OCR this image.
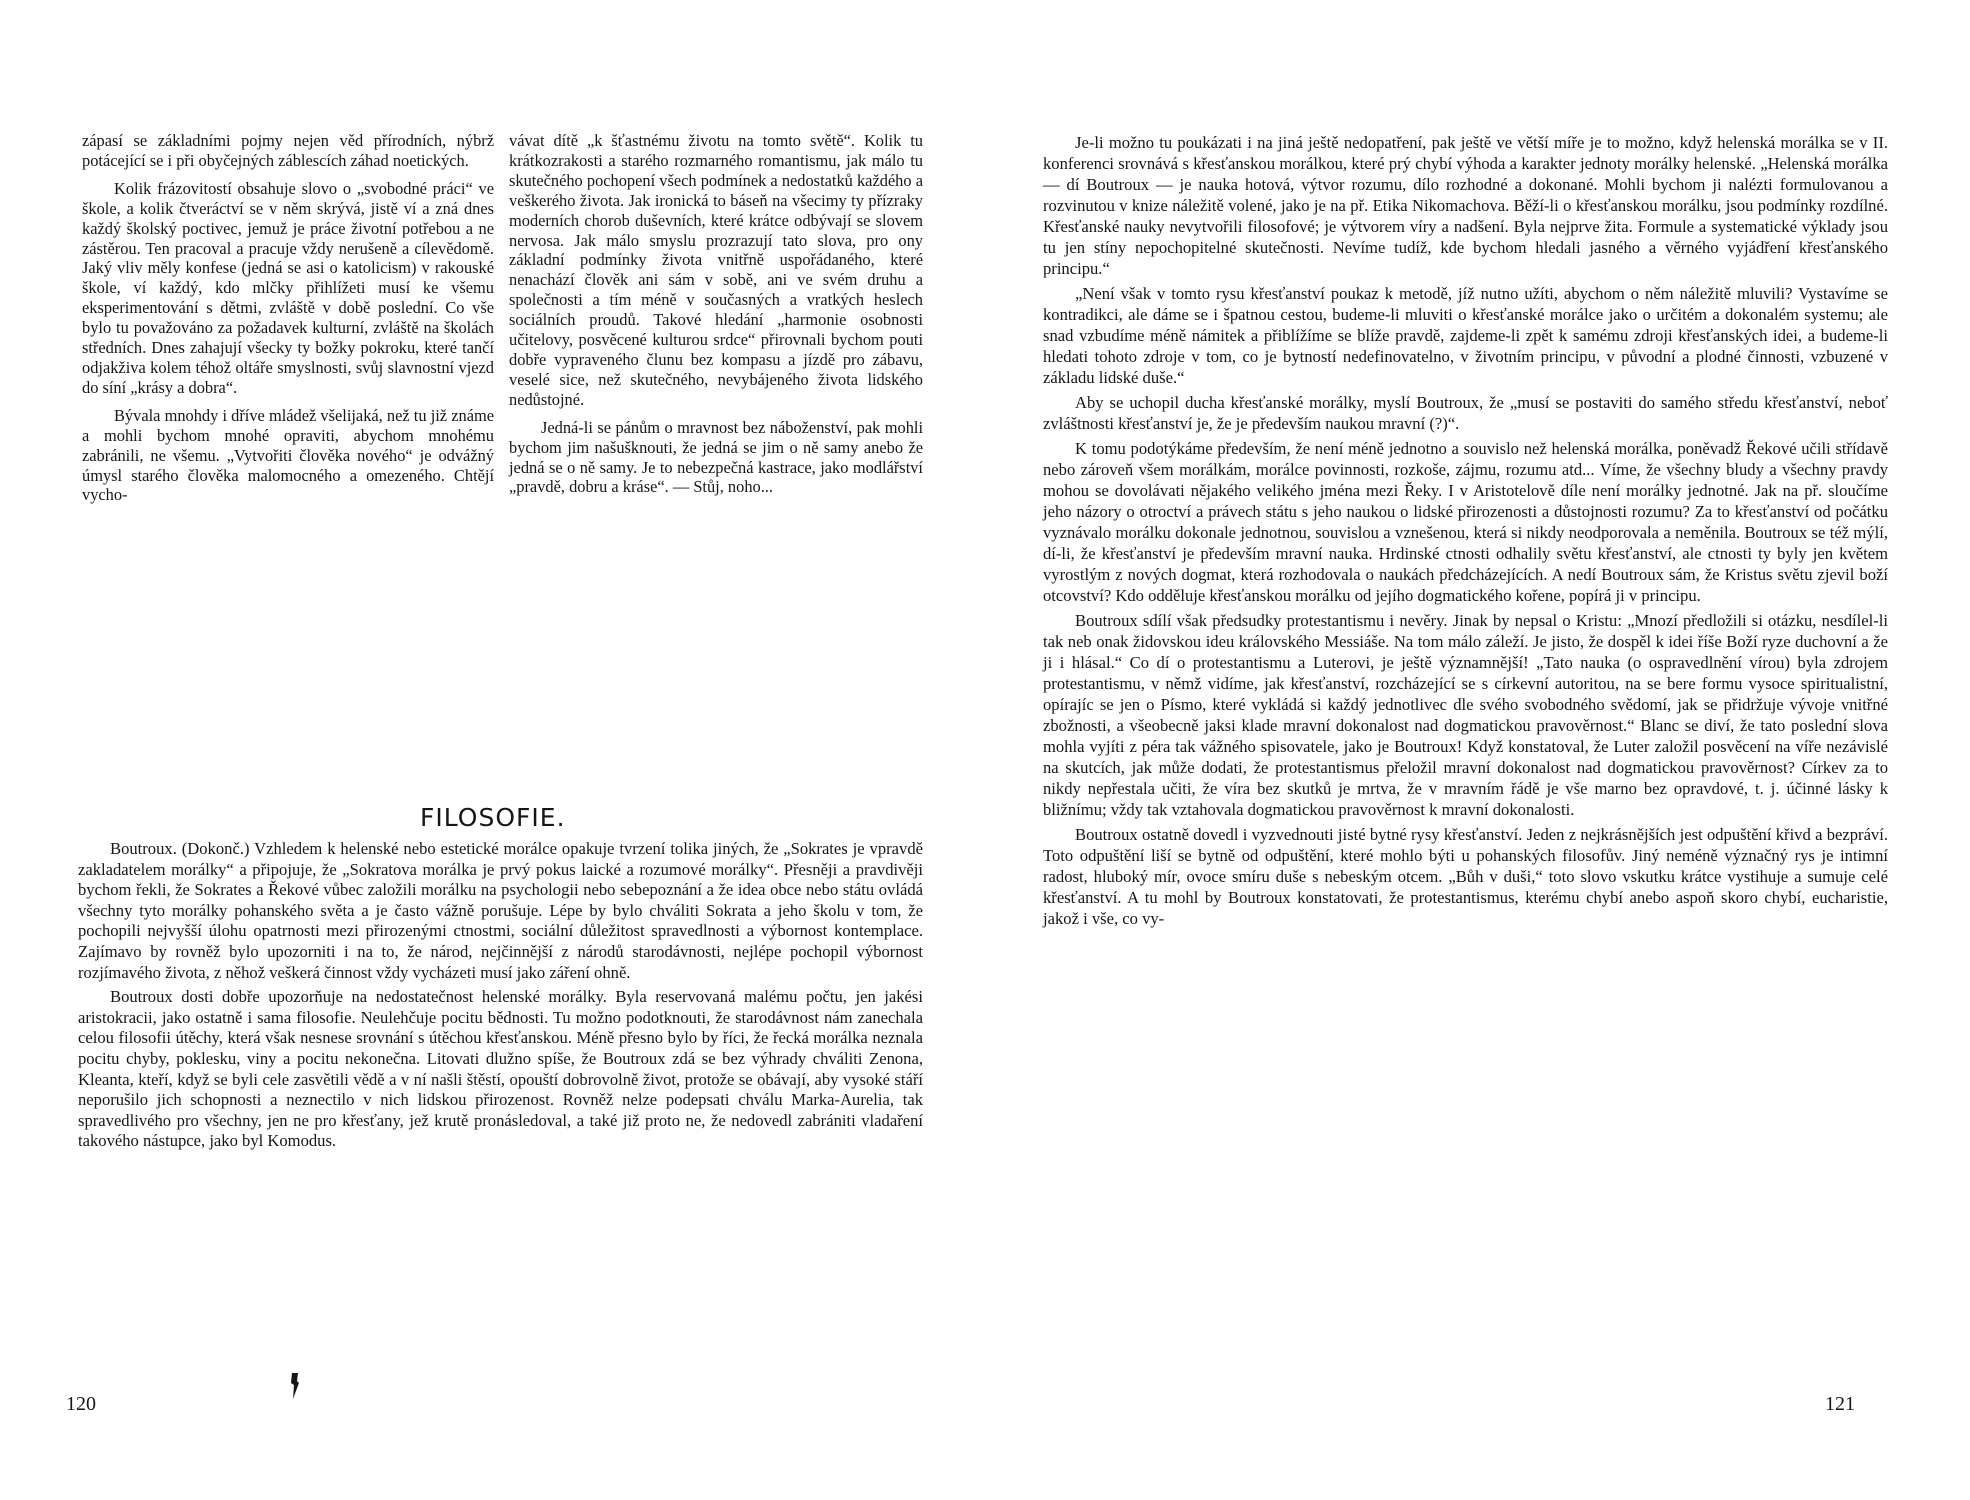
zápasí se základními pojmy nejen věd přírodních, nýbrž potácející se i při obyčejných záblescích záhad noetických.

Kolik frázovitostí obsahuje slovo o „svobodné práci“ ve škole, a kolik čtveráctví se v něm skrývá, jistě ví a zná dnes každý školský poctivec, jemuž je práce životní potřebou a ne zástěrou. Ten pracoval a pracuje vždy nerušeně a cílevědomě. Jaký vliv měly konfese (jedná se asi o katolicism) v rakouské škole, ví každý, kdo mlčky přihlížeti musí ke všemu eksperimentování s dětmi, zvláště v době poslední. Co vše bylo tu považováno za požadavek kulturní, zvláště na školách středních. Dnes zahajují všecky ty božky pokroku, které tančí odjakživa kolem téhož oltáře smyslnosti, svůj slavnostní vjezd do síní „krásy a dobra“.

Bývala mnohdy i dříve mládež všelijaká, než tu již známe a mohli bychom mnohé opraviti, abychom mnohému zabránili, ne všemu. „Vytvořiti člověka nového“ je odvážný úmysl starého člověka malomocného a omezeného. Chtějí vycho-

vávat dítě „k šťastnému životu na tomto světě“. Kolik tu krátkozrakosti a starého rozmarného romantismu, jak málo tu skutečného pochopení všech podmínek a nedostatků každého a veškerého života. Jak ironická to báseň na všecimy ty přízraky moderních chorob duševních, které krátce odbývají se slovem nervosa. Jak málo smyslu prozrazují tato slova, pro ony základní podmínky života vnitřně uspořádaného, které nenachází člověk ani sám v sobě, ani ve svém druhu a společnosti a tím méně v současných a vratkých heslech sociálních proudů. Takové hledání „harmonie osobnosti učitelovy, posvěcené kulturou srdce“ přirovnali bychom pouti dobře vypraveného člunu bez kompasu a jízdě pro zábavu, veselé sice, než skutečného, nevybájeného života lidského nedůstojné.

Jedná-li se pánům o mravnost bez náboženství, pak mohli bychom jim našušknouti, že jedná se jim o ně samy anebo že jedná se o ně samy. Je to nebezpečná kastrace, jako modlářství „pravdě, dobru a kráse“. — Stůj, noho...

FILOSOFIE.

Boutroux. (Dokonč.) Vzhledem k helenské nebo estetické morálce opakuje tvrzení tolika jiných, že „Sokrates je vpravdě zakladatelem morálky“ a připojuje, že „Sokratova morálka je prvý pokus laické a rozumové morálky“. Přesněji a pravdivěji bychom řekli, že Sokrates a Řekové vůbec založili morálku na psychologii nebo sebepoznání a že idea obce nebo státu ovládá všechny tyto morálky pohanského světa a je často vážně porušuje. Lépe by bylo chváliti Sokrata a jeho školu v tom, že pochopili nejvyšší úlohu opatrnosti mezi přirozenými ctnostmi, sociální důležitost spravedlnosti a výbornost kontemplace. Zajímavo by rovněž bylo upozorniti i na to, že národ, nejčinnější z národů starodávnosti, nejlépe pochopil výbornost rozjímavého života, z něhož veškerá činnost vždy vycházeti musí jako záření ohně.

Boutroux dosti dobře upozorňuje na nedostatečnost helenské morálky. Byla reservovaná malému počtu, jen jakési aristokracii, jako ostatně i sama filosofie. Neulehčuje pocitu bědnosti. Tu možno podotknouti, že starodávnost nám zanechala celou filosofii útěchy, která však nesnese srovnání s útěchou křesťanskou. Méně přesno bylo by říci, že řecká morálka neznala pocitu chyby, poklesku, viny a pocitu nekonečna. Litovati dlužno spíše, že Boutroux zdá se bez výhrady chváliti Zenona, Kleanta, kteří, když se byli cele zasvětili vědě a v ní našli štěstí, opouští dobrovolně život, protože se obávají, aby vysoké stáří neporušilo jich schopnosti a neznectilo v nich lidskou přirozenost. Rovněž nelze podepsati chválu Marka-Aurelia, tak spravedlivého pro všechny, jen ne pro křesťany, jež krutě pronásledoval, a také již proto ne, že nedovedl zabrániti vladaření takového nástupce, jako byl Komodus.

120

Je-li možno tu poukázati i na jiná ještě nedopatření, pak ještě ve větší míře je to možno, když helenská morálka se v II. konferenci srovnává s křesťanskou morálkou, které prý chybí výhoda a karakter jednoty morálky helenské. „Helenská morálka — dí Boutroux — je nauka hotová, výtvor rozumu, dílo rozhodné a dokonané. Mohli bychom ji nalézti formulovanou a rozvinutou v knize náležitě volené, jako je na př. Etika Nikomachova. Běží-li o křesťanskou morálku, jsou podmínky rozdílné. Křesťanské nauky nevytvořili filosofové; je výtvorem víry a nadšení. Byla nejprve žita. Formule a systematické výklady jsou tu jen stíny nepochopitelné skutečnosti. Nevíme tudíž, kde bychom hledali jasného a věrného vyjádření křesťanského principu.“

„Není však v tomto rysu křesťanství poukaz k metodě, jíž nutno užíti, abychom o něm náležitě mluvili? Vystavíme se kontradikci, ale dáme se i špatnou cestou, budeme-li mluviti o křesťanské morálce jako o určitém a dokonalém systemu; ale snad vzbudíme méně námitek a přiblížíme se blíže pravdě, zajdeme-li zpět k samému zdroji křesťanských idei, a budeme-li hledati tohoto zdroje v tom, co je bytností nedefinovatelno, v životním principu, v původní a plodné činnosti, vzbuzené v základu lidské duše.“

Aby se uchopil ducha křesťanské morálky, myslí Boutroux, že „musí se postaviti do samého středu křesťanství, neboť zvláštnosti křesťanství je, že je především naukou mravní (?)“.

K tomu podotýkáme především, že není méně jednotno a souvislo než helenská morálka, poněvadž Řekové učili střídavě nebo zároveň všem morálkám, morálce povinnosti, rozkoše, zájmu, rozumu atd... Víme, že všechny bludy a všechny pravdy mohou se dovolávati nějakého velikého jména mezi Řeky. I v Aristotelově díle není morálky jednotné. Jak na př. sloučíme jeho názory o otroctví a právech státu s jeho naukou o lidské přirozenosti a důstojnosti rozumu? Za to křesťanství od počátku vyznávalo morálku dokonale jednotnou, souvislou a vznešenou, která si nikdy neodporovala a neměnila. Boutroux se též mýlí, dí-li, že křesťanství je především mravní nauka. Hrdinské ctnosti odhalily světu křesťanství, ale ctnosti ty byly jen květem vyrostlým z nových dogmat, která rozhodovala o naukách předcházejících. A nedí Boutroux sám, že Kristus světu zjevil boží otcovství? Kdo odděluje křesťanskou morálku od jejího dogmatického kořene, popírá ji v principu.

Boutroux sdílí však předsudky protestantismu i nevěry. Jinak by nepsal o Kristu: „Mnozí předložili si otázku, nesdílel-li tak neb onak židovskou ideu královského Messiáše. Na tom málo záleží. Je jisto, že dospěl k idei říše Boží ryze duchovní a že ji i hlásal.“ Co dí o protestantismu a Luterovi, je ještě významnější! „Tato nauka (o ospravedlnění vírou) byla zdrojem protestantismu, v němž vidíme, jak křesťanství, rozcházející se s církevní autoritou, na se bere formu vysoce spiritualistní, opírajíc se jen o Písmo, které vykládá si každý jednotlivec dle svého svobodného svědomí, jak se přidržuje vývoje vnitřné zbožnosti, a všeobecně jaksi klade mravní dokonalost nad dogmatickou pravověrnost.“ Blanc se diví, že tato poslední slova mohla vyjíti z péra tak vážného spisovatele, jako je Boutroux! Když konstatoval, že Luter založil posvěcení na víře nezávislé na skutcích, jak může dodati, že protestantismus přeložil mravní dokonalost nad dogmatickou pravověrnost? Církev za to nikdy nepřestala učiti, že víra bez skutků je mrtva, že v mravním řádě je vše marno bez opravdové, t. j. účinné lásky k bližnímu; vždy tak vztahovala dogmatickou pravověrnost k mravní dokonalosti.

Boutroux ostatně dovedl i vyzvednouti jisté bytné rysy křesťanství. Jeden z nejkrásnějších jest odpuštění křivd a bezpráví. Toto odpuštění liší se bytně od odpuštění, které mohlo býti u pohanských filosofův. Jiný neméně význačný rys je intimní radost, hluboký mír, ovoce smíru duše s nebeským otcem. „Bůh v duši,“ toto slovo vskutku krátce vystihuje a sumuje celé křesťanství. A tu mohl by Boutroux konstatovati, že protestantismus, kterému chybí anebo aspoň skoro chybí, eucharistie, jakož i vše, co vy-

121
